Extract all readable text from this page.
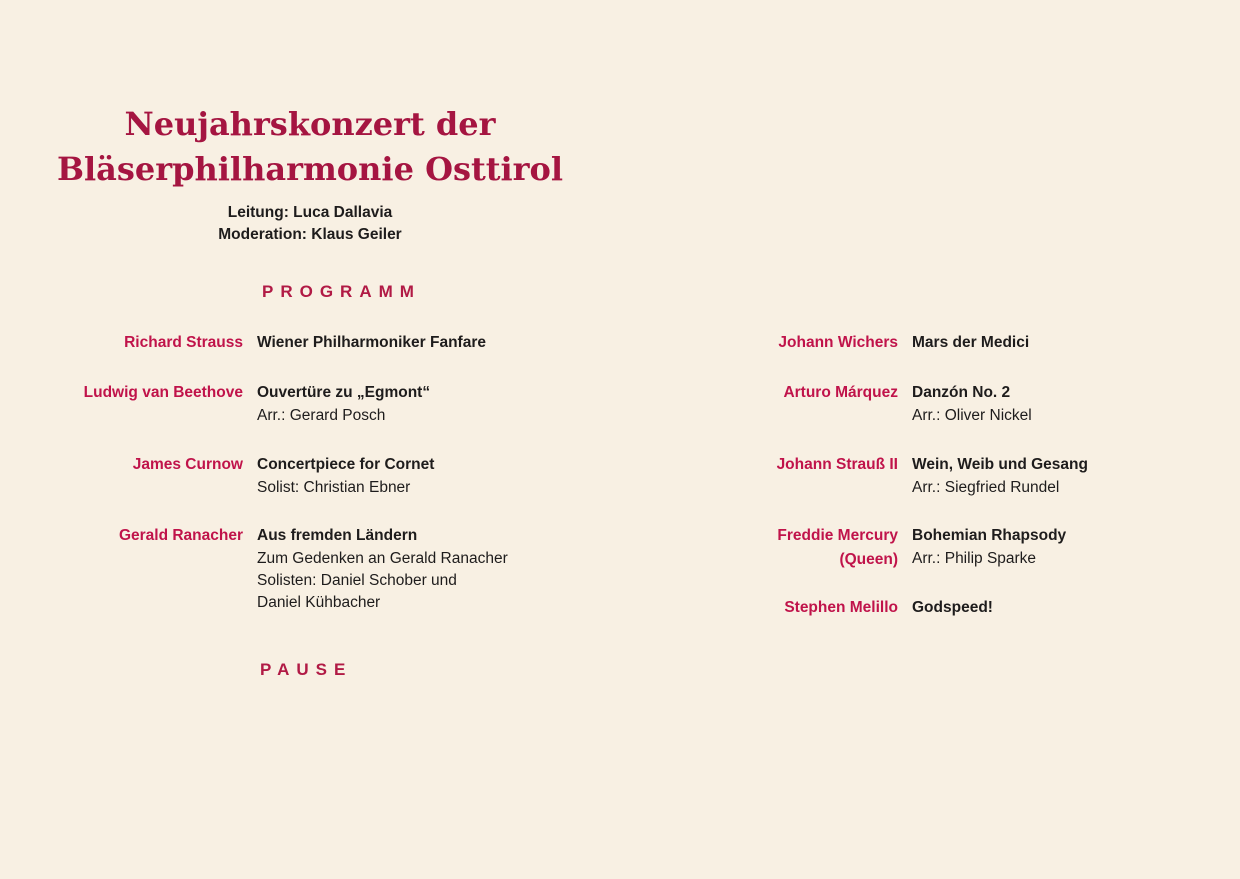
Neujahrskonzert der
Bläserphilharmonie Osttirol
Leitung: Luca Dallavia
Moderation: Klaus Geiler
PROGRAMM
PAUSE
Richard Strauss Wiener Philharmoniker Fanfare
Ludwig van Beethove Ouvertüre zu „Egmont“
Arr.: Gerard Posch
James Curnow Concertpiece for Cornet
Solist: Christian Ebner
Gerald Ranacher Aus fremden Ländern
Zum Gedenken an Gerald Ranacher
Solisten: Daniel Schober und
Daniel Kühbacher
Johann Wichers Mars der Medici
Arturo Márquez Danzón No. 2
Arr.: Oliver Nickel
Johann Strauß II Wein, Weib und Gesang
Arr.: Siegfried Rundel
Freddie Mercury
(Queen)
Bohemian Rhapsody
Arr.: Philip Sparke
Stephen Melillo Godspeed!
